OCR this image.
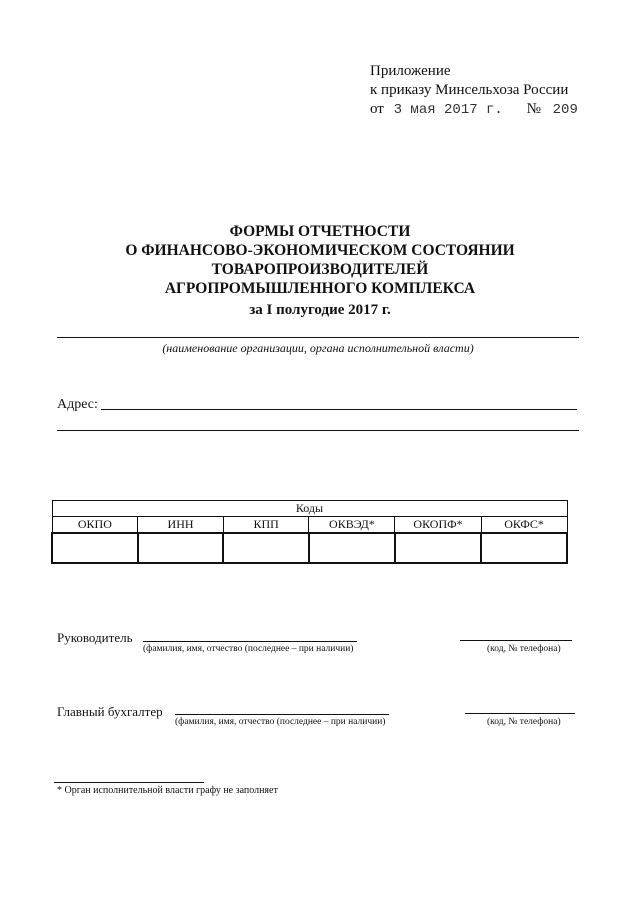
Приложение
к приказу Минсельхоза России
от 3 мая 2017 г. № 209
ФОРМЫ ОТЧЕТНОСТИ
О ФИНАНСОВО-ЭКОНОМИЧЕСКОМ СОСТОЯНИИ
ТОВАРОПРОИЗВОДИТЕЛЕЙ
АГРОПРОМЫШЛЕННОГО КОМПЛЕКСА
за I полугодие 2017 г.
(наименование организации, органа исполнительной власти)
Адрес:
Коды					
ОКПО	ИНН	КПП	ОКВЭД*	ОКОПФ*	ОКФС*

Руководитель
(фамилия, имя, отчество (последнее – при наличии)	(код, № телефона)
Главный бухгалтер
(фамилия, имя, отчество (последнее – при наличии)	(код, № телефона)
* Орган исполнительной власти графу не заполняет
